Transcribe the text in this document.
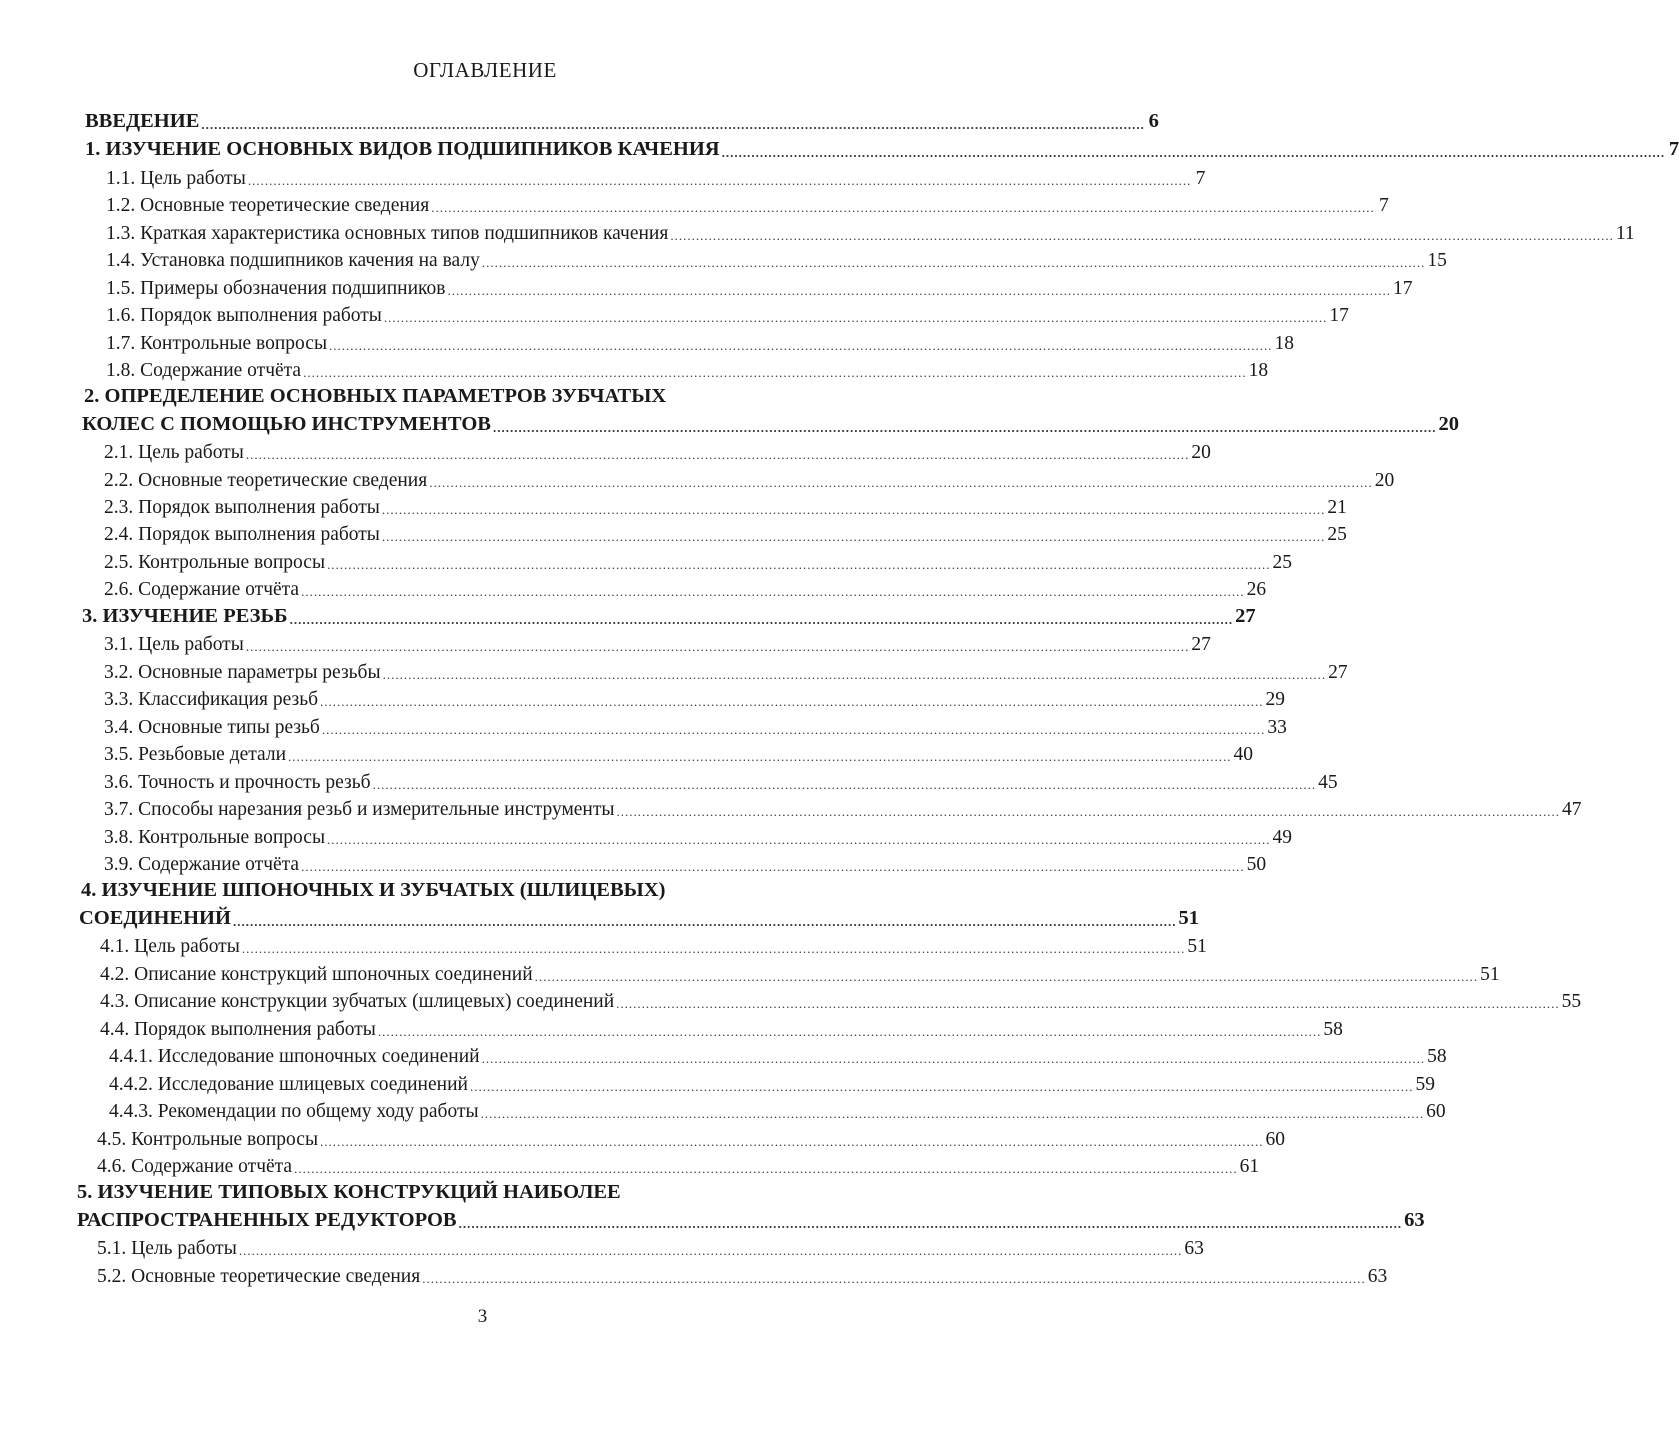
ОГЛАВЛЕНИЕ
ВВЕДЕНИЕ .............................................................................................................................................................................................................................. 6
1. ИЗУЧЕНИЕ ОСНОВНЫХ ВИДОВ ПОДШИПНИКОВ КАЧЕНИЯ .............................................................................................................................................................................................................................. 7
1.1. Цель работы .............................................................................................................................................................................................................................. 7
1.2. Основные теоретические сведения .............................................................................................................................................................................................................................. 7
1.3. Краткая характеристика основных типов подшипников качения .............................................................................................................................................................................................................................. 11
1.4. Установка подшипников качения на валу .............................................................................................................................................................................................................................. 15
1.5. Примеры обозначения подшипников .............................................................................................................................................................................................................................. 17
1.6. Порядок выполнения работы .............................................................................................................................................................................................................................. 17
1.7. Контрольные вопросы .............................................................................................................................................................................................................................. 18
1.8. Содержание отчёта .............................................................................................................................................................................................................................. 18
2. ОПРЕДЕЛЕНИЕ ОСНОВНЫХ ПАРАМЕТРОВ ЗУБЧАТЫХ
КОЛЕС С ПОМОЩЬЮ ИНСТРУМЕНТОВ .............................................................................................................................................................................................................................. 20
2.1. Цель работы .............................................................................................................................................................................................................................. 20
2.2. Основные теоретические сведения .............................................................................................................................................................................................................................. 20
2.3. Порядок выполнения работы .............................................................................................................................................................................................................................. 21
2.4. Порядок выполнения работы .............................................................................................................................................................................................................................. 25
2.5. Контрольные вопросы .............................................................................................................................................................................................................................. 25
2.6. Содержание отчёта .............................................................................................................................................................................................................................. 26
3. ИЗУЧЕНИЕ РЕЗЬБ .............................................................................................................................................................................................................................. 27
3.1. Цель работы .............................................................................................................................................................................................................................. 27
3.2. Основные параметры резьбы .............................................................................................................................................................................................................................. 27
3.3. Классификация резьб .............................................................................................................................................................................................................................. 29
3.4. Основные типы резьб .............................................................................................................................................................................................................................. 33
3.5. Резьбовые детали .............................................................................................................................................................................................................................. 40
3.6. Точность и прочность резьб .............................................................................................................................................................................................................................. 45
3.7. Способы нарезания резьб и измерительные инструменты .............................................................................................................................................................................................................................. 47
3.8. Контрольные вопросы .............................................................................................................................................................................................................................. 49
3.9. Содержание отчёта .............................................................................................................................................................................................................................. 50
4. ИЗУЧЕНИЕ ШПОНОЧНЫХ И ЗУБЧАТЫХ (ШЛИЦЕВЫХ)
СОЕДИНЕНИЙ .............................................................................................................................................................................................................................. 51
4.1. Цель работы .............................................................................................................................................................................................................................. 51
4.2. Описание конструкций шпоночных соединений .............................................................................................................................................................................................................................. 51
4.3. Описание конструкции зубчатых (шлицевых) соединений .............................................................................................................................................................................................................................. 55
4.4. Порядок выполнения работы .............................................................................................................................................................................................................................. 58
4.4.1. Исследование шпоночных соединений .............................................................................................................................................................................................................................. 58
4.4.2. Исследование шлицевых соединений .............................................................................................................................................................................................................................. 59
4.4.3. Рекомендации по общему ходу работы .............................................................................................................................................................................................................................. 60
4.5. Контрольные вопросы .............................................................................................................................................................................................................................. 60
4.6. Содержание отчёта .............................................................................................................................................................................................................................. 61
5. ИЗУЧЕНИЕ ТИПОВЫХ КОНСТРУКЦИЙ НАИБОЛЕЕ
РАСПРОСТРАНЕННЫХ РЕДУКТОРОВ .............................................................................................................................................................................................................................. 63
5.1. Цель работы .............................................................................................................................................................................................................................. 63
5.2. Основные теоретические сведения .............................................................................................................................................................................................................................. 63
3
